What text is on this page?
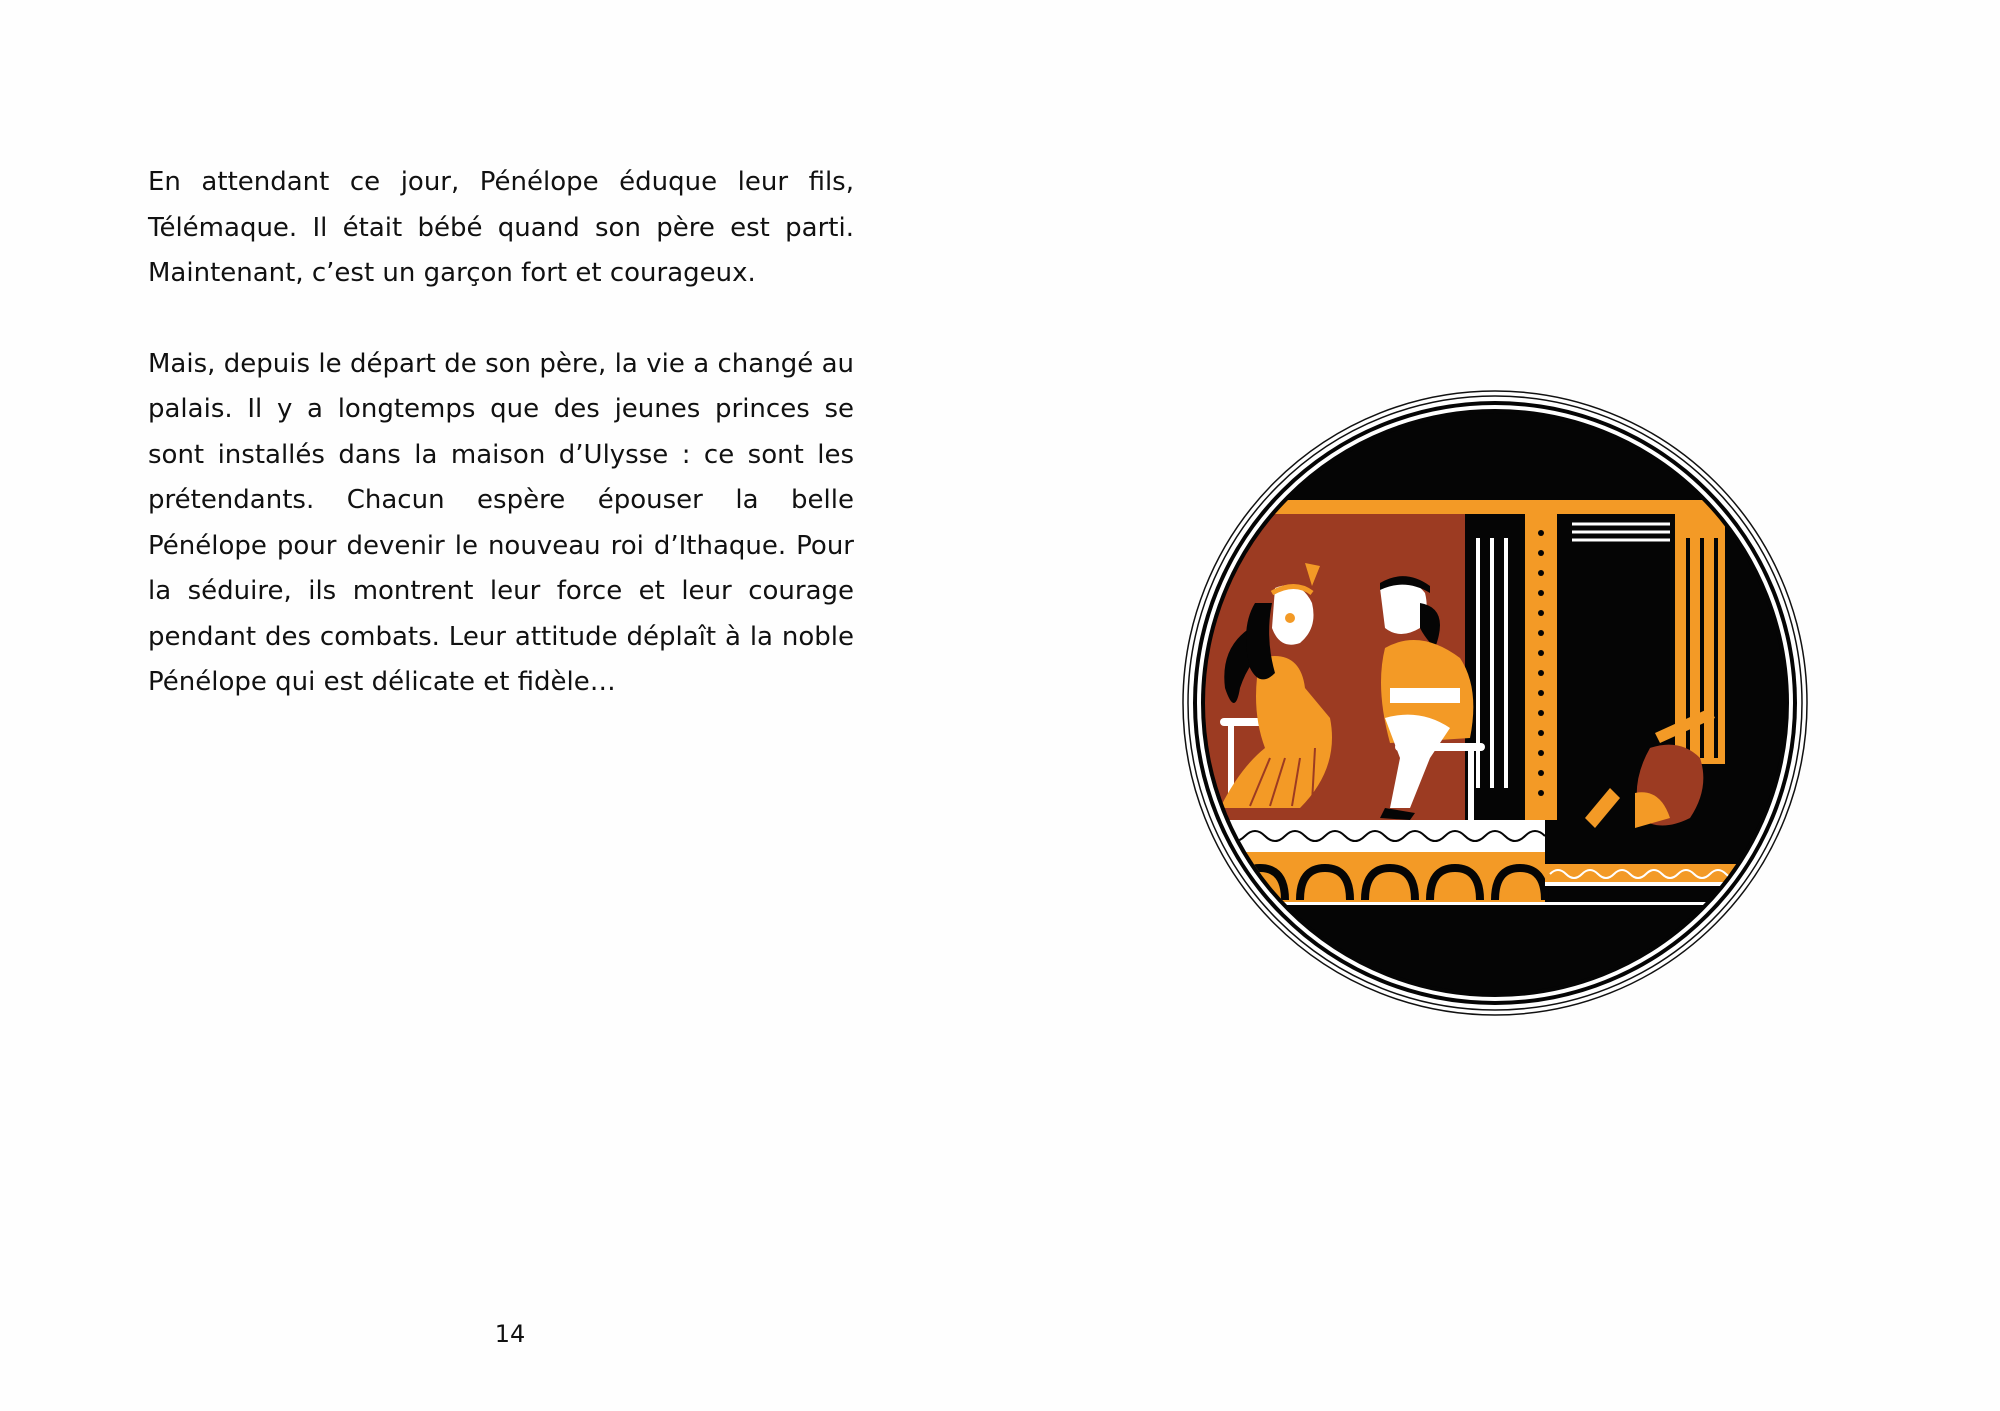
En attendant ce jour, Pénélope éduque leur fils, Télémaque. Il était bébé quand son père est parti. Maintenant, c’est un garçon fort et courageux.

Mais, depuis le départ de son père, la vie a changé au palais. Il y a longtemps que des jeunes princes se sont installés dans la maison d’Ulysse : ce sont les prétendants. Chacun espère épouser la belle Pénélope pour devenir le nouveau roi d’Ithaque. Pour la séduire, ils montrent leur force et leur courage pendant des combats. Leur attitude déplaît à la noble Pénélope qui est délicate et fidèle…

14
